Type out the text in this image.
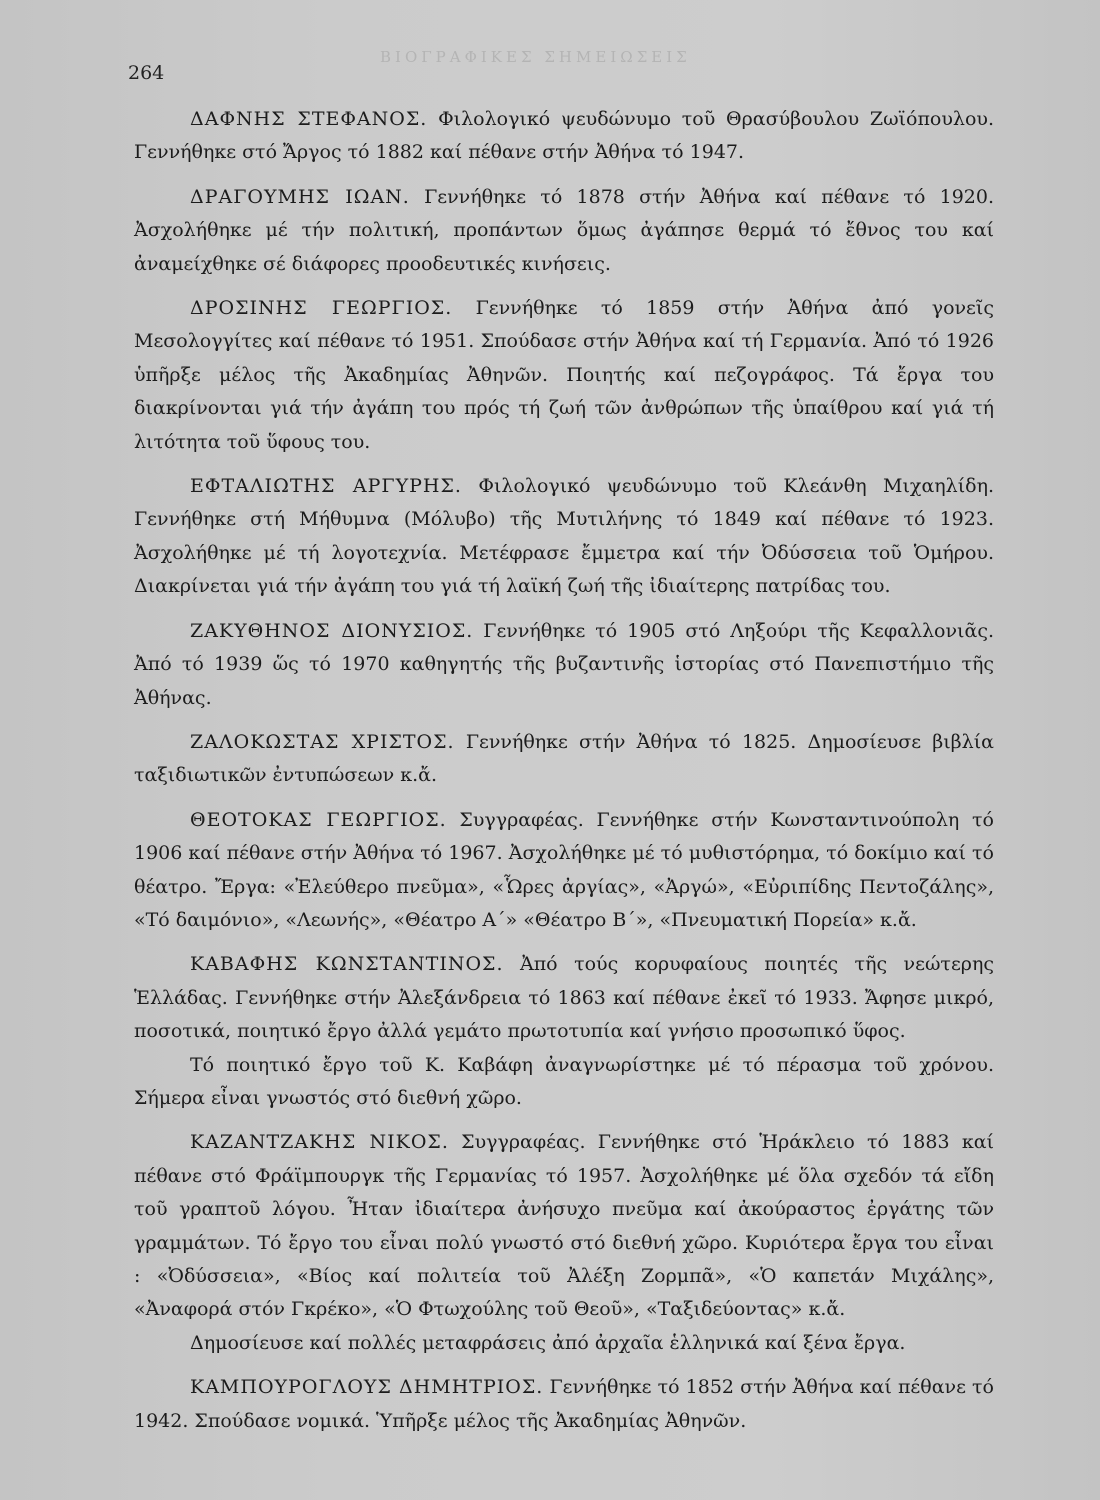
ΒΙΟΓΡΑΦΙΚΕΣ ΣΗΜΕΙΩΣΕΙΣ
264

ΔΑΦΝΗΣ ΣΤΕΦΑΝΟΣ. Φιλολογικό ψευδώνυμο τοῦ Θρασύβουλου Ζωϊόπουλου. Γεννήθηκε στό Ἄργος τό 1882 καί πέθανε στήν Ἀθήνα τό 1947.

ΔΡΑΓΟΥΜΗΣ ΙΩΑΝ. Γεννήθηκε τό 1878 στήν Ἀθήνα καί πέθανε τό 1920. Ἀσχολήθηκε μέ τήν πολιτική, προπάντων ὅμως ἀγάπησε θερμά τό ἔθνος του καί ἀναμείχθηκε σέ διάφορες προοδευτικές κινήσεις.

ΔΡΟΣΙΝΗΣ ΓΕΩΡΓΙΟΣ. Γεννήθηκε τό 1859 στήν Ἀθήνα ἀπό γονεῖς Μεσολογγίτες καί πέθανε τό 1951. Σπούδασε στήν Ἀθήνα καί τή Γερμανία. Ἀπό τό 1926 ὑπῆρξε μέλος τῆς Ἀκαδημίας Ἀθηνῶν. Ποιητής καί πεζογράφος. Τά ἔργα του διακρίνονται γιά τήν ἀγάπη του πρός τή ζωή τῶν ἀνθρώπων τῆς ὑπαίθρου καί γιά τή λιτότητα τοῦ ὕφους του.

ΕΦΤΑΛΙΩΤΗΣ ΑΡΓΥΡΗΣ. Φιλολογικό ψευδώνυμο τοῦ Κλεάνθη Μιχαηλίδη. Γεννήθηκε στή Μήθυμνα (Μόλυβο) τῆς Μυτιλήνης τό 1849 καί πέθανε τό 1923. Ἀσχολήθηκε μέ τή λογοτεχνία. Μετέφρασε ἔμμετρα καί τήν Ὀδύσσεια τοῦ Ὁμήρου. Διακρίνεται γιά τήν ἀγάπη του γιά τή λαϊκή ζωή τῆς ἰδιαίτερης πατρίδας του.

ΖΑΚΥΘΗΝΟΣ ΔΙΟΝΥΣΙΟΣ. Γεννήθηκε τό 1905 στό Ληξούρι τῆς Κεφαλλονιᾶς. Ἀπό τό 1939 ὥς τό 1970 καθηγητής τῆς βυζαντινῆς ἱστορίας στό Πανεπιστήμιο τῆς Ἀθήνας.

ΖΑΛΟΚΩΣΤΑΣ ΧΡΙΣΤΟΣ. Γεννήθηκε στήν Ἀθήνα τό 1825. Δημοσίευσε βιβλία ταξιδιωτικῶν ἐντυπώσεων κ.ἄ.

ΘΕΟΤΟΚΑΣ ΓΕΩΡΓΙΟΣ. Συγγραφέας. Γεννήθηκε στήν Κωνσταντινούπολη τό 1906 καί πέθανε στήν Ἀθήνα τό 1967. Ἀσχολήθηκε μέ τό μυθιστόρημα, τό δοκίμιο καί τό θέατρο. Ἔργα: «Ἐλεύθερο πνεῦμα», «Ὧρες ἀργίας», «Ἀργώ», «Εὐριπίδης Πεντοζάλης», «Τό δαιμόνιο», «Λεωνής», «Θέατρο Α΄» «Θέατρο Β΄», «Πνευματική Πορεία» κ.ἄ.

ΚΑΒΑΦΗΣ ΚΩΝΣΤΑΝΤΙΝΟΣ. Ἀπό τούς κορυφαίους ποιητές τῆς νεώτερης Ἑλλάδας. Γεννήθηκε στήν Ἀλεξάνδρεια τό 1863 καί πέθανε ἐκεῖ τό 1933. Ἄφησε μικρό, ποσοτικά, ποιητικό ἔργο ἀλλά γεμάτο πρωτοτυπία καί γνήσιο προσωπικό ὕφος.

Τό ποιητικό ἔργο τοῦ Κ. Καβάφη ἀναγνωρίστηκε μέ τό πέρασμα τοῦ χρόνου. Σήμερα εἶναι γνωστός στό διεθνή χῶρο.

ΚΑΖΑΝΤΖΑΚΗΣ ΝΙΚΟΣ. Συγγραφέας. Γεννήθηκε στό Ἡράκλειο τό 1883 καί πέθανε στό Φράϊμπουργκ τῆς Γερμανίας τό 1957. Ἀσχολήθηκε μέ ὅλα σχεδόν τά εἴδη τοῦ γραπτοῦ λόγου. Ἦταν ἰδιαίτερα ἀνήσυχο πνεῦμα καί ἀκούραστος ἐργάτης τῶν γραμμάτων. Τό ἔργο του εἶναι πολύ γνωστό στό διεθνή χῶρο. Κυριότερα ἔργα του εἶναι : «Ὀδύσσεια», «Βίος καί πολιτεία τοῦ Ἀλέξη Ζορμπᾶ», «Ὁ καπετάν Μιχάλης», «Ἀναφορά στόν Γκρέκο», «Ὁ Φτωχούλης τοῦ Θεοῦ», «Ταξιδεύοντας» κ.ἄ.

Δημοσίευσε καί πολλές μεταφράσεις ἀπό ἀρχαῖα ἑλληνικά καί ξένα ἔργα.

ΚΑΜΠΟΥΡΟΓΛΟΥΣ ΔΗΜΗΤΡΙΟΣ. Γεννήθηκε τό 1852 στήν Ἀθήνα καί πέθανε τό 1942. Σπούδασε νομικά. Ὑπῆρξε μέλος τῆς Ἀκαδημίας Ἀθηνῶν.
